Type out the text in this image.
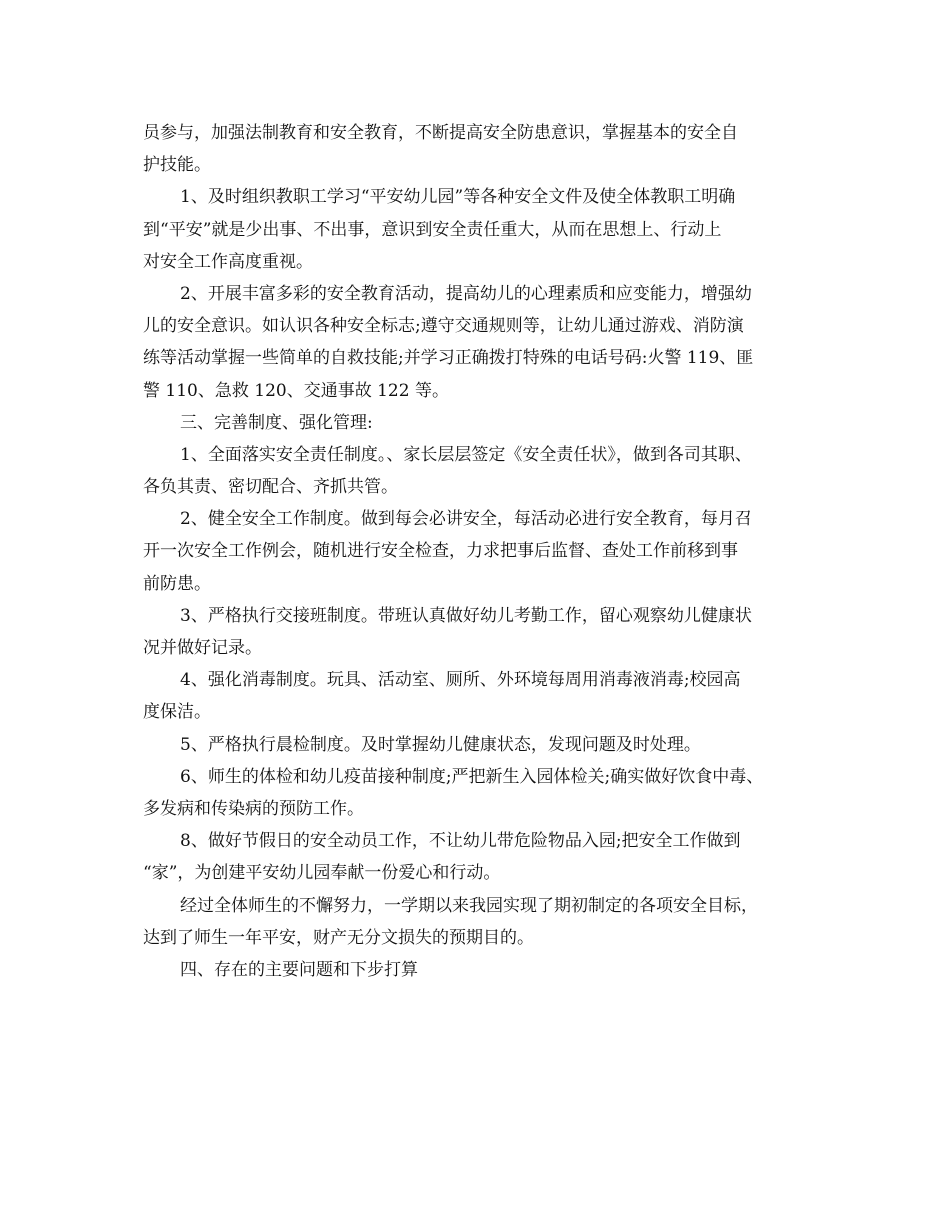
员参与，加强法制教育和安全教育，不断提高安全防患意识，掌握基本的安全自
护技能。
1、及时组织教职工学习“平安幼儿园”等各种安全文件及使全体教职工明确
到“平安”就是少出事、不出事，意识到安全责任重大，从而在思想上、行动上
对安全工作高度重视。
2、开展丰富多彩的安全教育活动，提高幼儿的心理素质和应变能力，增强幼
儿的安全意识。如认识各种安全标志;遵守交通规则等，让幼儿通过游戏、消防演
练等活动掌握一些简单的自救技能;并学习正确拨打特殊的电话号码:火警 119、匪
警 110、急救 120、交通事故 122 等。
三、完善制度、强化管理:
1、全面落实安全责任制度。、家长层层签定《安全责任状》，做到各司其职、
各负其责、密切配合、齐抓共管。
2、健全安全工作制度。做到每会必讲安全，每活动必进行安全教育，每月召
开一次安全工作例会，随机进行安全检查，力求把事后监督、查处工作前移到事
前防患。
3、严格执行交接班制度。带班认真做好幼儿考勤工作，留心观察幼儿健康状
况并做好记录。
4、强化消毒制度。玩具、活动室、厕所、外环境每周用消毒液消毒;校园高
度保洁。
5、严格执行晨检制度。及时掌握幼儿健康状态，发现问题及时处理。
6、师生的体检和幼儿疫苗接种制度;严把新生入园体检关;确实做好饮食中毒、
多发病和传染病的预防工作。
8、做好节假日的安全动员工作，不让幼儿带危险物品入园;把安全工作做到
“家”，为创建平安幼儿园奉献一份爱心和行动。
经过全体师生的不懈努力，一学期以来我园实现了期初制定的各项安全目标，
达到了师生一年平安，财产无分文损失的预期目的。
四、存在的主要问题和下步打算
